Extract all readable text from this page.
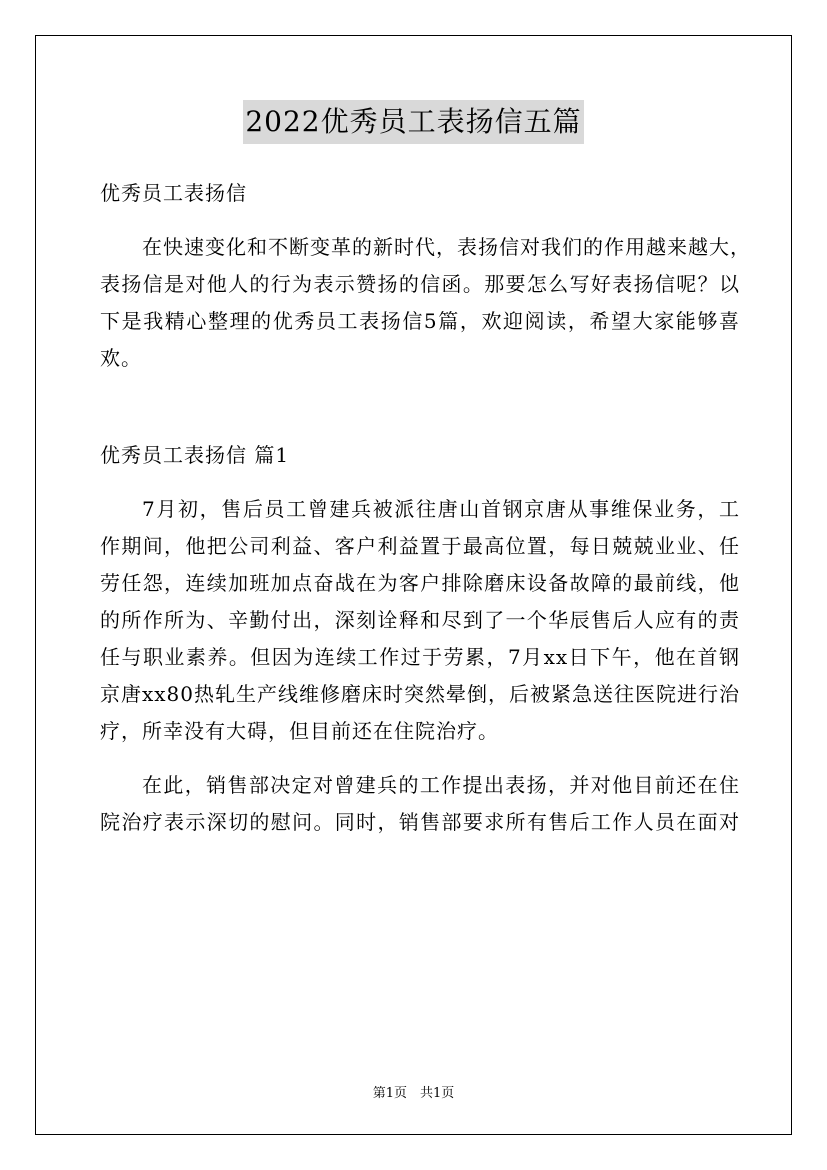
2022优秀员工表扬信五篇
优秀员工表扬信
在快速变化和不断变革的新时代，表扬信对我们的作用越来越大，
表扬信是对他人的行为表示赞扬的信函。那要怎么写好表扬信呢？以
下是我精心整理的优秀员工表扬信5篇，欢迎阅读，希望大家能够喜
欢。
优秀员工表扬信 篇1
7月初，售后员工曾建兵被派往唐山首钢京唐从事维保业务，工
作期间，他把公司利益、客户利益置于最高位置，每日兢兢业业、任
劳任怨，连续加班加点奋战在为客户排除磨床设备故障的最前线，他
的所作所为、辛勤付出，深刻诠释和尽到了一个华辰售后人应有的责
任与职业素养。但因为连续工作过于劳累，7月xx日下午，他在首钢
京唐xx80热轧生产线维修磨床时突然晕倒，后被紧急送往医院进行治
疗，所幸没有大碍，但目前还在住院治疗。
在此，销售部决定对曾建兵的工作提出表扬，并对他目前还在住
院治疗表示深切的慰问。同时，销售部要求所有售后工作人员在面对
第1页　共1页
